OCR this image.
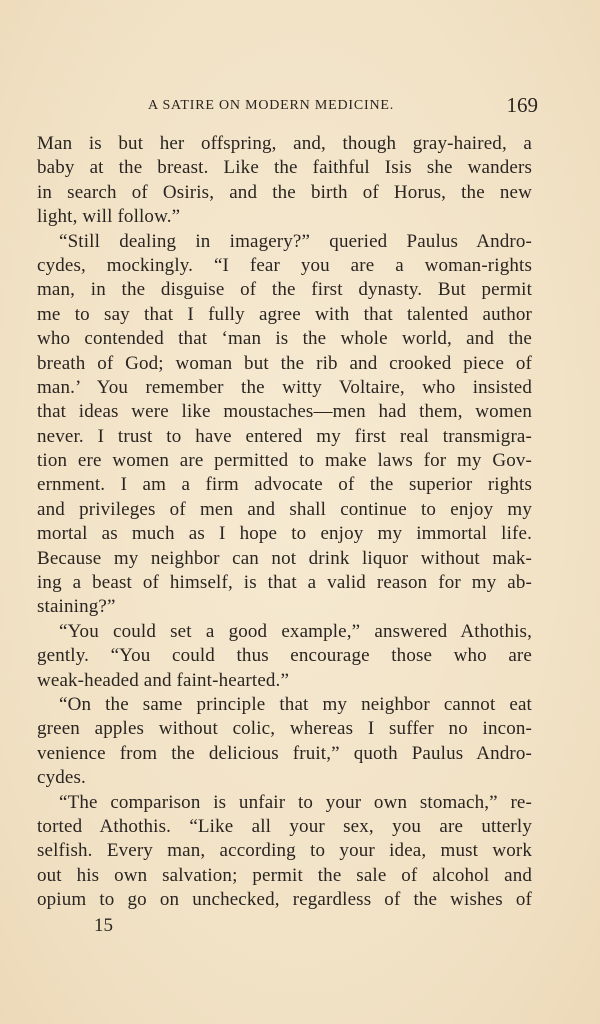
A SATIRE ON MODERN MEDICINE.	169
Man is but her offspring, and, though gray-haired, a
baby at the breast. Like the faithful Isis she wanders
in search of Osiris, and the birth of Horus, the new
light, will follow.”
“Still dealing in imagery?” queried Paulus Andro-
cydes, mockingly. “I fear you are a woman-rights
man, in the disguise of the first dynasty. But permit
me to say that I fully agree with that talented author
who contended that ‘man is the whole world, and the
breath of God; woman but the rib and crooked piece of
man.’ You remember the witty Voltaire, who insisted
that ideas were like moustaches—men had them, women
never. I trust to have entered my first real transmigra-
tion ere women are permitted to make laws for my Gov-
ernment. I am a firm advocate of the superior rights
and privileges of men and shall continue to enjoy my
mortal as much as I hope to enjoy my immortal life.
Because my neighbor can not drink liquor without mak-
ing a beast of himself, is that a valid reason for my ab-
staining?”
“You could set a good example,” answered Athothis,
gently. “You could thus encourage those who are
weak-headed and faint-hearted.”
“On the same principle that my neighbor cannot eat
green apples without colic, whereas I suffer no incon-
venience from the delicious fruit,” quoth Paulus Andro-
cydes.
“The comparison is unfair to your own stomach,” re-
torted Athothis. “Like all your sex, you are utterly
selfish. Every man, according to your idea, must work
out his own salvation; permit the sale of alcohol and
opium to go on unchecked, regardless of the wishes of
15
